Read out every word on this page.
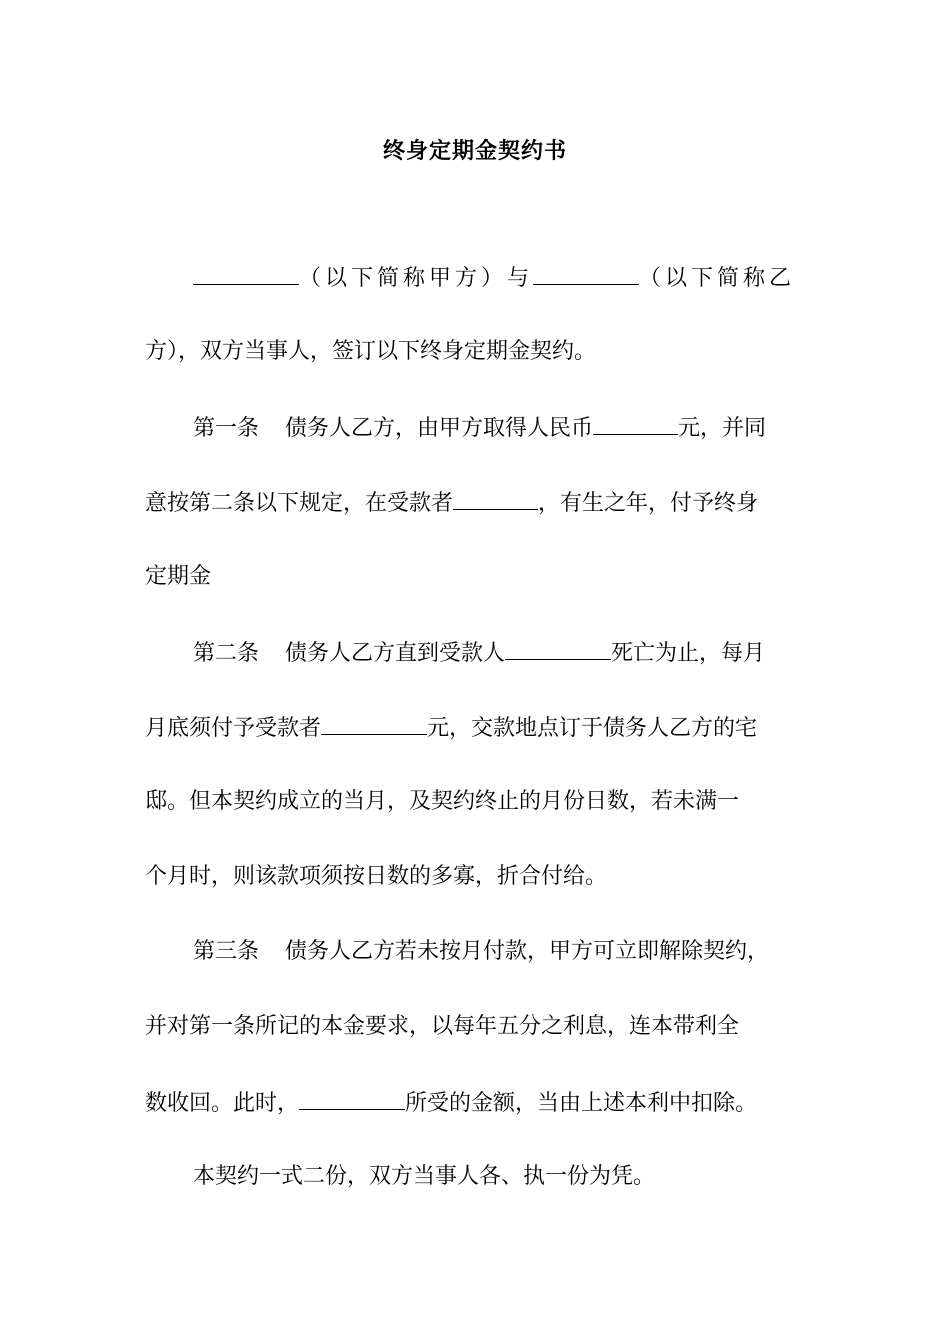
终身定期金契约书
（以下简称甲方）与	（以下简称乙
方），双方当事人，签订以下终身定期金契约。
第一条 债务人乙方，由甲方取得人民币	元，并同
意按第二条以下规定，在受款者	，有生之年，付予终身
定期金
第二条 债务人乙方直到受款人	死亡为止，每月
月底须付予受款者	元，交款地点订于债务人乙方的宅
邸。但本契约成立的当月，及契约终止的月份日数，若未满一
个月时，则该款项须按日数的多寡，折合付给。
第三条 债务人乙方若未按月付款，甲方可立即解除契约，
并对第一条所记的本金要求，以每年五分之利息，连本带利全
数收回。此时，	所受的金额，当由上述本利中扣除。
本契约一式二份，双方当事人各、执一份为凭。
